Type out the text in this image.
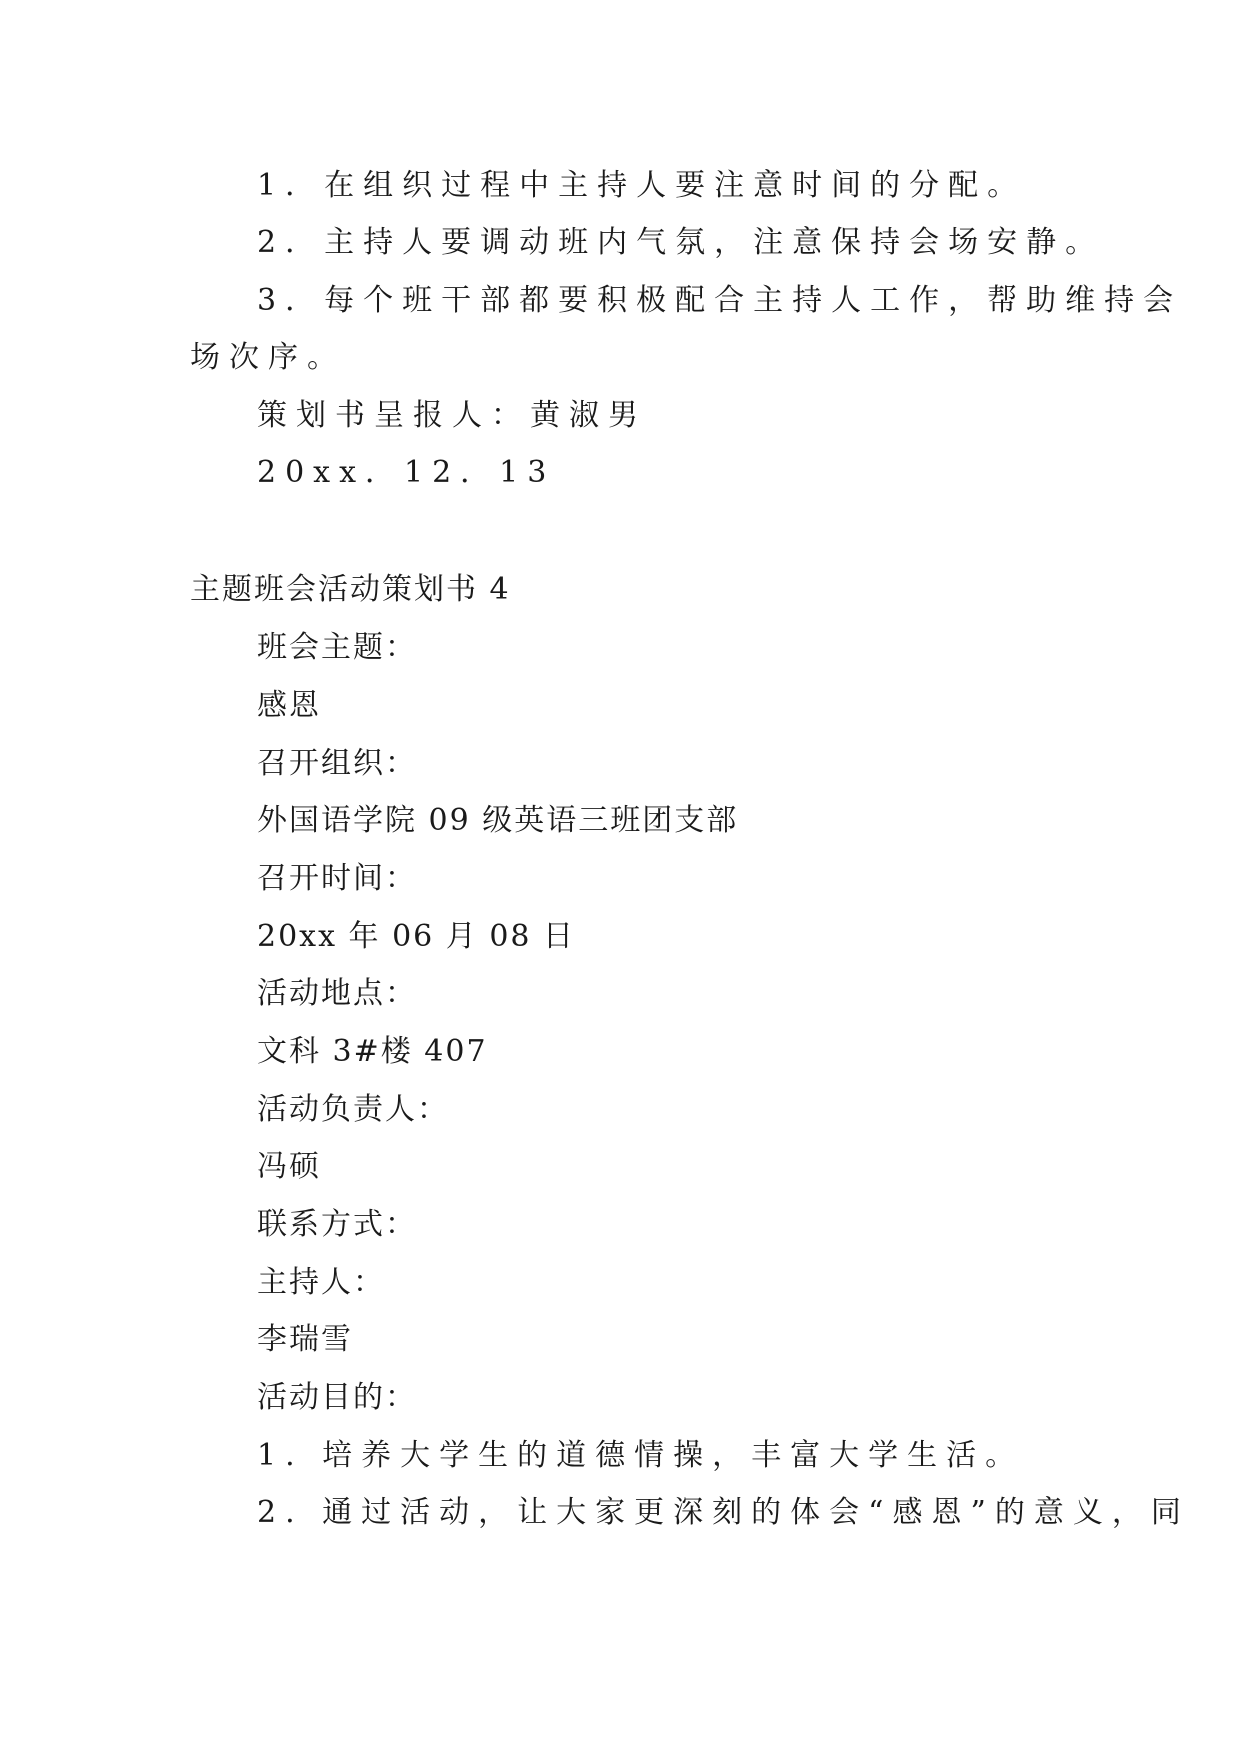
1．在组织过程中主持人要注意时间的分配。

2．主持人要调动班内气氛，注意保持会场安静。

3．每个班干部都要积极配合主持人工作，帮助维持会

场次序。

策划书呈报人：黄淑男

20xx．12．13

主题班会活动策划书 4

班会主题：

感恩

召开组织：

外国语学院 09 级英语三班团支部

召开时间：

20xx 年 06 月 08 日

活动地点：

文科 3#楼 407

活动负责人：

冯硕

联系方式：

主持人：

李瑞雪

活动目的：

1. 培养大学生的道德情操，丰富大学生活。

2. 通过活动，让大家更深刻的体会“感恩”的意义，同
